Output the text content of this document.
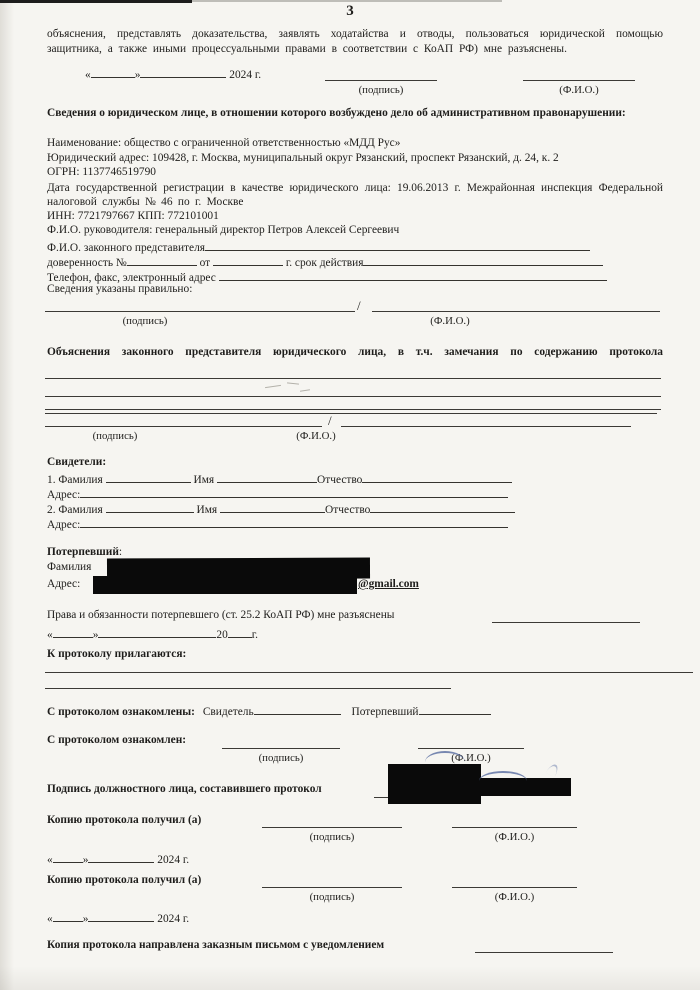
3
объяснения, представлять доказательства, заявлять ходатайства и отводы, пользоваться юридической помощью защитника, а также иными процессуальными правами в соответствии с КоАП РФ) мне разъяснены.
«	»	2024 г.
(подпись)	(Ф.И.О.)
Сведения о юридическом лице, в отношении которого возбуждено дело об административном правонарушении:
Наименование: общество с ограниченной ответственностью «МДД Рус»
Юридический адрес: 109428, г. Москва, муниципальный округ Рязанский, проспект Рязанский, д. 24, к. 2
ОГРН: 1137746519790
Дата государственной регистрации в качестве юридического лица: 19.06.2013 г. Межрайонная инспекция Федеральной налоговой службы № 46 по г. Москве
ИНН: 7721797667 КПП: 772101001
Ф.И.О. руководителя: генеральный директор Петров Алексей Сергеевич
Ф.И.О. законного представителя
доверенность №	от	г. срок действия
Телефон, факс, электронный адрес
Сведения указаны правильно:
/
(подпись)	(Ф.И.О.)
Объяснения законного представителя юридического лица, в т.ч. замечания по содержанию протокола
/
(подпись)	(Ф.И.О.)
Свидетели:
1. Фамилия	Имя	Отчество
Адрес:
2. Фамилия	Имя	Отчество
Адрес:
Потерпевший:
Фамилия
Адрес:	@gmail.com
Права и обязанности потерпевшего (ст. 25.2 КоАП РФ) мне разъяснены
«	»	20 г.
К протоколу прилагаются:
С протоколом ознакомлены: Свидетель	Потерпевший
С протоколом ознакомлен:
(подпись)	(Ф.И.О.)
Подпись должностного лица, составившего протокол
Копию протокола получил (а)
(подпись)	(Ф.И.О.)
«	»	2024 г.
Копию протокола получил (а)
(подпись)	(Ф.И.О.)
«	»	2024 г.
Копия протокола направлена заказным письмом с уведомлением
